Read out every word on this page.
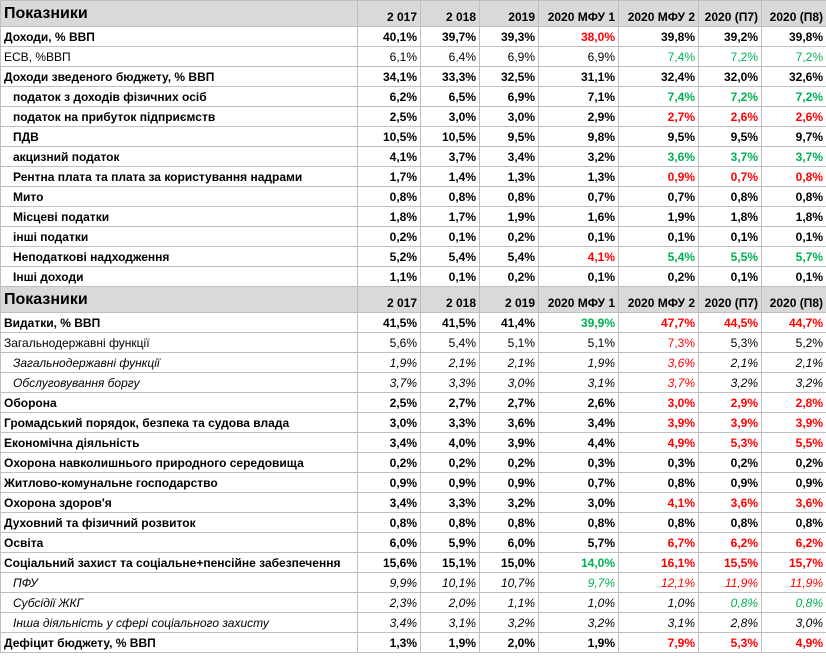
Показники	2 017	2 018	2019	2020 МФУ 1	2020 МФУ 2	2020 (П7)	2020 (П8)
Доходи, % ВВП	40,1%	39,7%	39,3%	38,0%	39,8%	39,2%	39,8%
ЕСВ, %ВВП	6,1%	6,4%	6,9%	6,9%	7,4%	7,2%	7,2%
Доходи зведеного бюджету, % ВВП	34,1%	33,3%	32,5%	31,1%	32,4%	32,0%	32,6%
податок з доходів фізичних осіб	6,2%	6,5%	6,9%	7,1%	7,4%	7,2%	7,2%
податок на прибуток підприємств	2,5%	3,0%	3,0%	2,9%	2,7%	2,6%	2,6%
ПДВ	10,5%	10,5%	9,5%	9,8%	9,5%	9,5%	9,7%
акцизний податок	4,1%	3,7%	3,4%	3,2%	3,6%	3,7%	3,7%
Рентна плата та плата за користування надрами	1,7%	1,4%	1,3%	1,3%	0,9%	0,7%	0,8%
Мито	0,8%	0,8%	0,8%	0,7%	0,7%	0,8%	0,8%
Місцеві податки	1,8%	1,7%	1,9%	1,6%	1,9%	1,8%	1,8%
інші податки	0,2%	0,1%	0,2%	0,1%	0,1%	0,1%	0,1%
Неподаткові надходження	5,2%	5,4%	5,4%	4,1%	5,4%	5,5%	5,7%
Інші доходи	1,1%	0,1%	0,2%	0,1%	0,2%	0,1%	0,1%
Показники	2 017	2 018	2 019	2020 МФУ 1	2020 МФУ 2	2020 (П7)	2020 (П8)
Видатки, % ВВП	41,5%	41,5%	41,4%	39,9%	47,7%	44,5%	44,7%
Загальнодержавні функції	5,6%	5,4%	5,1%	5,1%	7,3%	5,3%	5,2%
Загальнодержавні функції	1,9%	2,1%	2,1%	1,9%	3,6%	2,1%	2,1%
Обслуговування боргу	3,7%	3,3%	3,0%	3,1%	3,7%	3,2%	3,2%
Оборона	2,5%	2,7%	2,7%	2,6%	3,0%	2,9%	2,8%
Громадський порядок, безпека та судова влада	3,0%	3,3%	3,6%	3,4%	3,9%	3,9%	3,9%
Економічна діяльність	3,4%	4,0%	3,9%	4,4%	4,9%	5,3%	5,5%
Охорона навколишнього природного середовища	0,2%	0,2%	0,2%	0,3%	0,3%	0,2%	0,2%
Житлово-комунальне господарство	0,9%	0,9%	0,9%	0,7%	0,8%	0,9%	0,9%
Охорона здоров'я	3,4%	3,3%	3,2%	3,0%	4,1%	3,6%	3,6%
Духовний та фізичний розвиток	0,8%	0,8%	0,8%	0,8%	0,8%	0,8%	0,8%
Освіта	6,0%	5,9%	6,0%	5,7%	6,7%	6,2%	6,2%
Соціальний захист та соціальне+пенсійне забезпечення	15,6%	15,1%	15,0%	14,0%	16,1%	15,5%	15,7%
ПФУ	9,9%	10,1%	10,7%	9,7%	12,1%	11,9%	11,9%
Субсідії ЖКГ	2,3%	2,0%	1,1%	1,0%	1,0%	0,8%	0,8%
Інша діяльність у сфері соціального захисту	3,4%	3,1%	3,2%	3,2%	3,1%	2,8%	3,0%
Дефіцит бюджету, % ВВП	1,3%	1,9%	2,0%	1,9%	7,9%	5,3%	4,9%
